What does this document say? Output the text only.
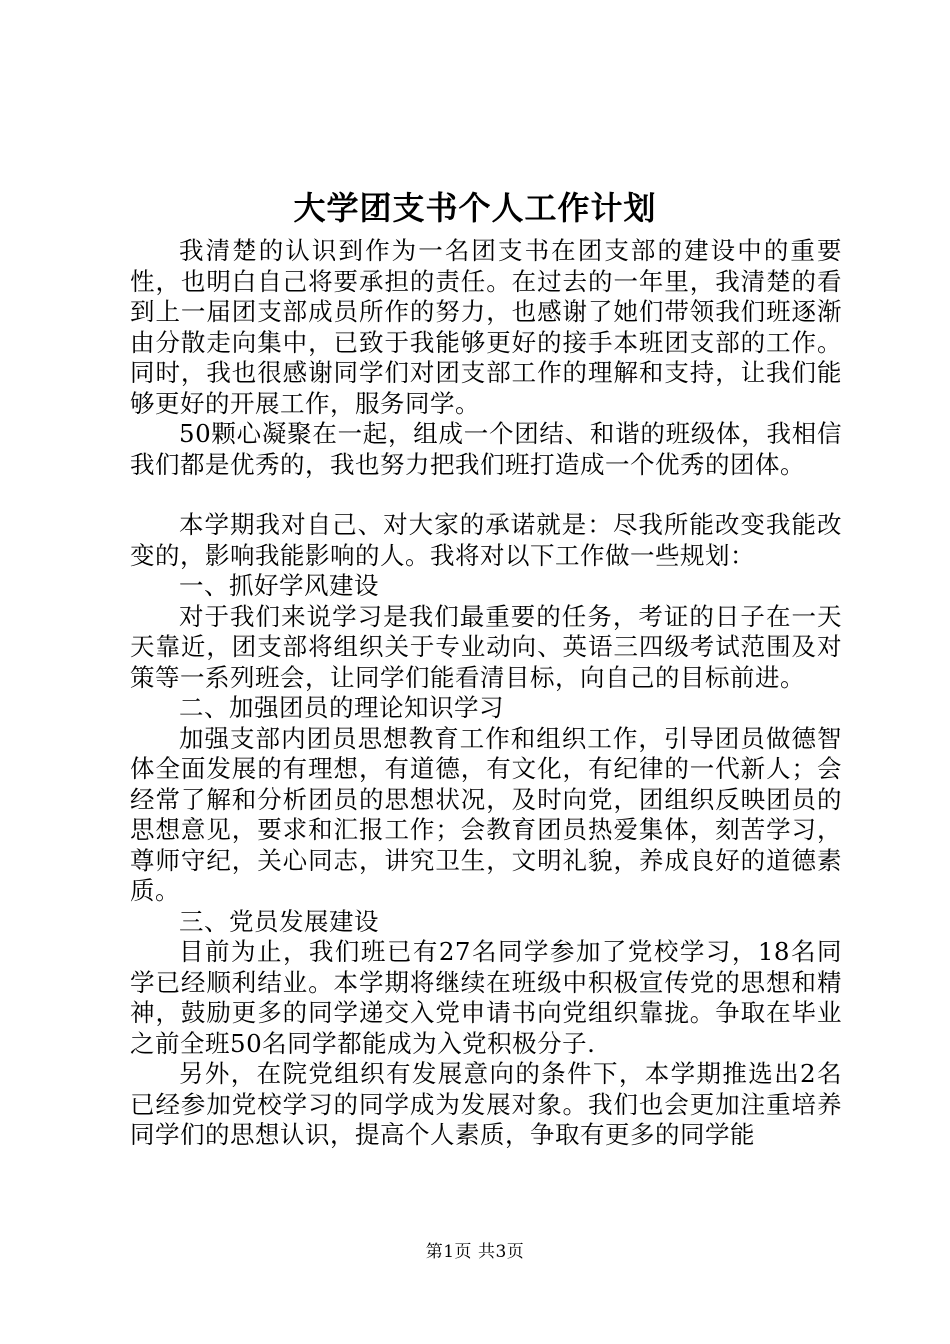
大学团支书个人工作计划

我清楚的认识到作为一名团支书在团支部的建设中的重要性，也明白自己将要承担的责任。在过去的一年里，我清楚的看到上一届团支部成员所作的努力，也感谢了她们带领我们班逐渐由分散走向集中，已致于我能够更好的接手本班团支部的工作。同时，我也很感谢同学们对团支部工作的理解和支持，让我们能够更好的开展工作，服务同学。

50颗心凝聚在一起，组成一个团结、和谐的班级体，我相信我们都是优秀的，我也努力把我们班打造成一个优秀的团体。

本学期我对自己、对大家的承诺就是：尽我所能改变我能改变的，影响我能影响的人。我将对以下工作做一些规划：

一、抓好学风建设

对于我们来说学习是我们最重要的任务，考证的日子在一天天靠近，团支部将组织关于专业动向、英语三四级考试范围及对策等一系列班会，让同学们能看清目标，向自己的目标前进。

二、加强团员的理论知识学习

加强支部内团员思想教育工作和组织工作，引导团员做德智体全面发展的有理想，有道德，有文化，有纪律的一代新人；会经常了解和分析团员的思想状况，及时向党，团组织反映团员的思想意见，要求和汇报工作；会教育团员热爱集体，刻苦学习，尊师守纪，关心同志，讲究卫生，文明礼貌，养成良好的道德素质。

三、党员发展建设

目前为止，我们班已有27名同学参加了党校学习，18名同学已经顺利结业。本学期将继续在班级中积极宣传党的思想和精神，鼓励更多的同学递交入党申请书向党组织靠拢。争取在毕业之前全班50名同学都能成为入党积极分子.

另外，在院党组织有发展意向的条件下，本学期推选出2名已经参加党校学习的同学成为发展对象。我们也会更加注重培养同学们的思想认识，提高个人素质，争取有更多的同学能

第1页 共3页
